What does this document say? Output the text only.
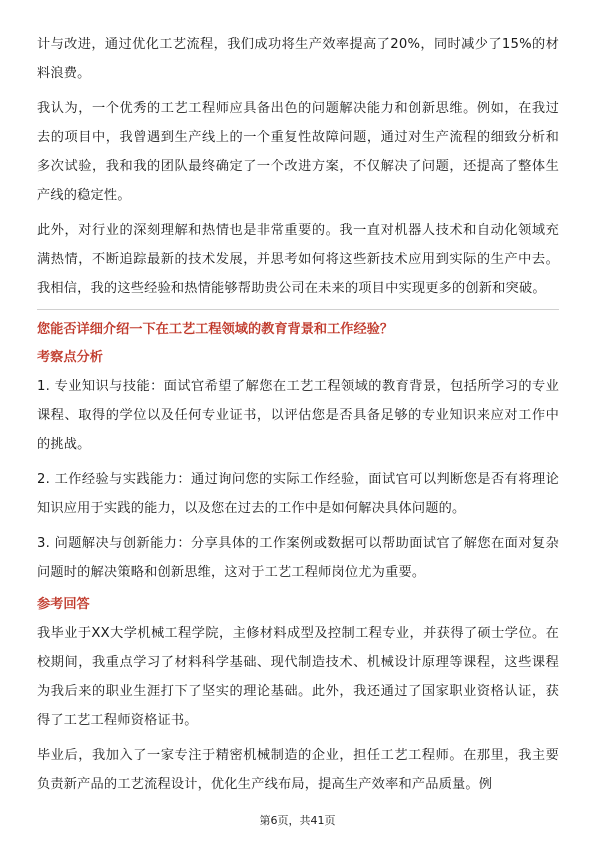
计与改进，通过优化工艺流程，我们成功将生产效率提高了20%，同时减少了15%的材料浪费。

我认为，一个优秀的工艺工程师应具备出色的问题解决能力和创新思维。例如，在我过去的项目中，我曾遇到生产线上的一个重复性故障问题，通过对生产流程的细致分析和多次试验，我和我的团队最终确定了一个改进方案，不仅解决了问题，还提高了整体生产线的稳定性。

此外，对行业的深刻理解和热情也是非常重要的。我一直对机器人技术和自动化领域充满热情，不断追踪最新的技术发展，并思考如何将这些新技术应用到实际的生产中去。我相信，我的这些经验和热情能够帮助贵公司在未来的项目中实现更多的创新和突破。

您能否详细介绍一下在工艺工程领域的教育背景和工作经验？
考察点分析

1. 专业知识与技能：面试官希望了解您在工艺工程领域的教育背景，包括所学习的专业课程、取得的学位以及任何专业证书，以评估您是否具备足够的专业知识来应对工作中的挑战。

2. 工作经验与实践能力：通过询问您的实际工作经验，面试官可以判断您是否有将理论知识应用于实践的能力，以及您在过去的工作中是如何解决具体问题的。

3. 问题解决与创新能力：分享具体的工作案例或数据可以帮助面试官了解您在面对复杂问题时的解决策略和创新思维，这对于工艺工程师岗位尤为重要。

参考回答

我毕业于XX大学机械工程学院，主修材料成型及控制工程专业，并获得了硕士学位。在校期间，我重点学习了材料科学基础、现代制造技术、机械设计原理等课程，这些课程为我后来的职业生涯打下了坚实的理论基础。此外，我还通过了国家职业资格认证，获得了工艺工程师资格证书。

毕业后，我加入了一家专注于精密机械制造的企业，担任工艺工程师。在那里，我主要负责新产品的工艺流程设计，优化生产线布局，提高生产效率和产品质量。例

第6页，共41页
